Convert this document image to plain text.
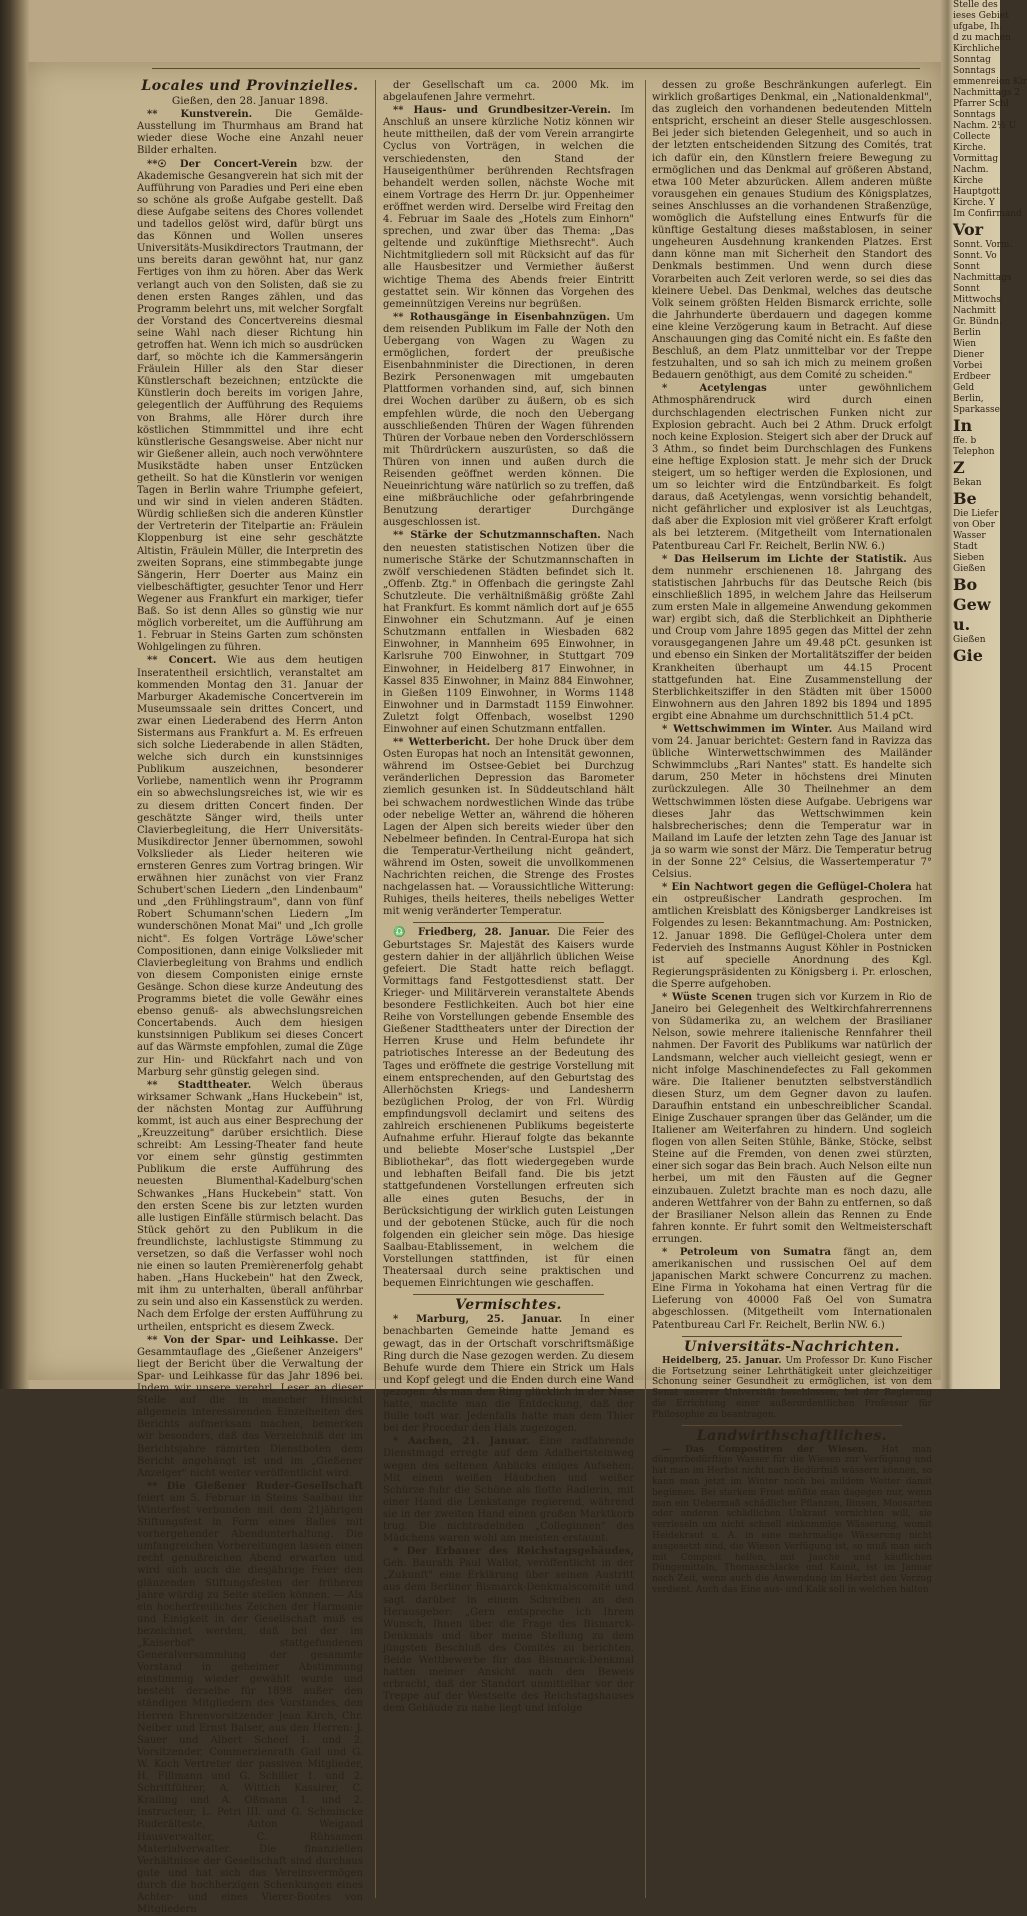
Locales und Provinzielles.
Gießen, den 28. Januar 1898.

** Kunstverein. Die Gemälde-Ausstellung im Thurmhaus am Brand hat wieder diese Woche eine Anzahl neuer Bilder erhalten.

**☉ Der Concert-Verein bzw. der Akademische Gesangverein hat sich mit der Aufführung von Paradies und Peri eine eben so schöne als große Aufgabe gestellt. Daß diese Aufgabe seitens des Chores vollendet und tadellos gelöst wird, dafür bürgt uns das Können und Wollen unseres Universitäts-Musikdirectors Trautmann, der uns bereits daran gewöhnt hat, nur ganz Fertiges von ihm zu hören. Aber das Werk verlangt auch von den Solisten, daß sie zu denen ersten Ranges zählen, und das Programm belehrt uns, mit welcher Sorgfalt der Vorstand des Concertvereins diesmal seine Wahl nach dieser Richtung hin getroffen hat. Wenn ich mich so ausdrücken darf, so möchte ich die Kammersängerin Fräulein Hiller als den Star dieser Künstlerschaft bezeichnen; entzückte die Künstlerin doch bereits im vorigen Jahre, gelegentlich der Aufführung des Requiems von Brahms, alle Hörer durch ihre köstlichen Stimmmittel und ihre echt künstlerische Gesangsweise. Aber nicht nur wir Gießener allein, auch noch verwöhntere Musikstädte haben unser Entzücken getheilt. So hat die Künstlerin vor wenigen Tagen in Berlin wahre Triumphe gefeiert, und wir sind in vielen anderen Städten. Würdig schließen sich die anderen Künstler der Vertreterin der Titelpartie an: Fräulein Kloppenburg ist eine sehr geschätzte Altistin, Fräulein Müller, die Interpretin des zweiten Soprans, eine stimmbegabte junge Sängerin, Herr Doerter aus Mainz ein vielbeschäftigter, gesuchter Tenor und Herr Wegener aus Frankfurt ein markiger, tiefer Baß. So ist denn Alles so günstig wie nur möglich vorbereitet, um die Aufführung am 1. Februar in Steins Garten zum schönsten Wohlgelingen zu führen.

** Concert. Wie aus dem heutigen Inseratentheil ersichtlich, veranstaltet am kommenden Montag den 31. Januar der Marburger Akademische Concertverein im Museumssaale sein drittes Concert, und zwar einen Liederabend des Herrn Anton Sistermans aus Frankfurt a. M. Es erfreuen sich solche Liederabende in allen Städten, welche sich durch ein kunstsinniges Publikum auszeichnen, besonderer Vorliebe, namentlich wenn ihr Programm ein so abwechslungsreiches ist, wie wir es zu diesem dritten Concert finden. Der geschätzte Sänger wird, theils unter Clavierbegleitung, die Herr Universitäts-Musikdirector Jenner übernommen, sowohl Volkslieder als Lieder heiteren wie ernsteren Genres zum Vortrag bringen. Wir erwähnen hier zunächst von vier Franz Schubert'schen Liedern „den Lindenbaum" und „den Frühlingstraum", dann von fünf Robert Schumann'schen Liedern „Im wunderschönen Monat Mai" und „Ich grolle nicht". Es folgen Vorträge Löwe'scher Compositionen, dann einige Volkslieder mit Clavierbegleitung von Brahms und endlich von diesem Componisten einige ernste Gesänge. Schon diese kurze Andeutung des Programms bietet die volle Gewähr eines ebenso genuß- als abwechslungsreichen Concertabends. Auch dem hiesigen kunstsinnigen Publikum sei dieses Concert auf das Wärmste empfohlen, zumal die Züge zur Hin- und Rückfahrt nach und von Marburg sehr günstig gelegen sind.

** Stadttheater. Welch überaus wirksamer Schwank „Hans Huckebein" ist, der nächsten Montag zur Aufführung kommt, ist auch aus einer Besprechung der „Kreuzzeitung" darüber ersichtlich. Diese schreibt: Am Lessing-Theater fand heute vor einem sehr günstig gestimmten Publikum die erste Aufführung des neuesten Blumenthal-Kadelburg'schen Schwankes „Hans Huckebein" statt. Von den ersten Scene bis zur letzten wurden alle lustigen Einfälle stürmisch belacht. Das Stück gehört zu den Publikum in die freundlichste, lachlustigste Stimmung zu versetzen, so daß die Verfasser wohl noch nie einen so lauten Premièrenerfolg gehabt haben. „Hans Huckebein" hat den Zweck, mit ihm zu unterhalten, überall anführbar zu sein und also ein Kassenstück zu werden. Nach dem Erfolge der ersten Aufführung zu urtheilen, entspricht es diesem Zweck.

** Von der Spar- und Leihkasse. Der Gesammtauflage des „Gießener Anzeigers" liegt der Bericht über die Verwaltung der Spar- und Leihkasse für das Jahr 1896 bei. Indem wir unsere verehrl. Leser an dieser Stelle auf die in mancher Hinsicht allgemein interessirenden Einzelheiten des Berichts aufmerksam machen, bemerken wir besonders, daß das Verzeichniß der im Berichtsjahre rämirten Dienstboten dem Bericht angehängt ist und im „Gießener Anzeiger" nicht weiter veröffentlicht wird.

** Die Gießener Ruder-Gesellschaft feiert am 5. Februar in Steins Saalbau ihr Winterfest verbunden mit dem 21jährigen Stiftungsfest in Form eines Balles mit vorhergehender Abendunterhaltung. Die umfangreichen Vorbereitungen lassen einen recht genußreichen Abend erwarten und wird sich auch die diesjährige Feier den glänzenden Stiftungsfesten der früheren Jahre würdig zu Seite stellen können. — Als ein hocherfreuliches Zeichen der Harmonie und Einigkeit in der Gesellschaft muß es bezeichnet werden, daß bei der im „Kaiserhof" stattgefundenen Generalversammlung der gesammte Vorstand in geheimer Abstimmung einstimmig wieder gewählt wurde und besteht derselbe für 1898 außer den ständigen Mitgliedern des Vorstandes, den Herren Ehrenvorsitzender Jean Kirch, Chr. Neiber und Ernst Balser, aus den Herren: J. Sauer und Albert Scheel 1. und 2. Vorsitzender, Commerzienrath Gail und G. W. Koch Vertreter der passiven Mitglieder, H. Fillmann und G. Schiller 1. und 2. Schriftführer, A. Wittich Kassirer, C. Krailing und A. Oßmann 1. und 2. Instructeur, L. Petri III. und G. Schmincke Ruderälteste, Anton Weigand Hausverwalter, C. Rühsamen Materialverwalter. Die finanziellen Verhältnisse der Gesellschaft sind durchaus gute und hat sich das Vereinsvermögen durch die hochherzigen Schenkungen eines Achter- und eines Vierer-Bootes von Mitgliedern

der Gesellschaft um ca. 2000 Mk. im abgelaufenen Jahre vermehrt.

** Haus- und Grundbesitzer-Verein. Im Anschluß an unsere kürzliche Notiz können wir heute mittheilen, daß der vom Verein arrangirte Cyclus von Vorträgen, in welchen die verschiedensten, den Stand der Hauseigenthümer berührenden Rechtsfragen behandelt werden sollen, nächste Woche mit einem Vortrage des Herrn Dr. jur. Oppenheimer eröffnet werden wird. Derselbe wird Freitag den 4. Februar im Saale des „Hotels zum Einhorn" sprechen, und zwar über das Thema: „Das geltende und zukünftige Miethsrecht". Auch Nichtmitgliedern soll mit Rücksicht auf das für alle Hausbesitzer und Vermiether äußerst wichtige Thema des Abends freier Eintritt gestattet sein. Wir können das Vorgehen des gemeinnützigen Vereins nur begrüßen.

** Rothausgänge in Eisenbahnzügen. Um dem reisenden Publikum im Falle der Noth den Uebergang von Wagen zu Wagen zu ermöglichen, fordert der preußische Eisenbahnminister die Directionen, in deren Bezirk Personenwagen mit umgebauten Plattformen vorhanden sind, auf, sich binnen drei Wochen darüber zu äußern, ob es sich empfehlen würde, die noch den Uebergang ausschließenden Thüren der Wagen führenden Thüren der Vorbaue neben den Vorderschlössern mit Thürdrückern auszurüsten, so daß die Thüren von innen und außen durch die Reisenden geöffnet werden können. Die Neueinrichtung wäre natürlich so zu treffen, daß eine mißbräuchliche oder gefahrbringende Benutzung derartiger Durchgänge ausgeschlossen ist.

** Stärke der Schutzmannschaften. Nach den neuesten statistischen Notizen über die numerische Stärke der Schutzmannschaften in zwölf verschiedenen Städten befindet sich lt. „Offenb. Ztg." in Offenbach die geringste Zahl Schutzleute. Die verhältnißmäßig größte Zahl hat Frankfurt. Es kommt nämlich dort auf je 655 Einwohner ein Schutzmann. Auf je einen Schutzmann entfallen in Wiesbaden 682 Einwohner, in Mannheim 695 Einwohner, in Karlsruhe 700 Einwohner, in Stuttgart 709 Einwohner, in Heidelberg 817 Einwohner, in Kassel 835 Einwohner, in Mainz 884 Einwohner, in Gießen 1109 Einwohner, in Worms 1148 Einwohner und in Darmstadt 1159 Einwohner. Zuletzt folgt Offenbach, woselbst 1290 Einwohner auf einen Schutzmann entfallen.

** Wetterbericht. Der hohe Druck über dem Osten Europas hat noch an Intensität gewonnen, während im Ostsee-Gebiet bei Durchzug veränderlichen Depression das Barometer ziemlich gesunken ist. In Süddeutschland hält bei schwachem nordwestlichen Winde das trübe oder nebelige Wetter an, während die höheren Lagen der Alpen sich bereits wieder über den Nebelmeer befinden. In Central-Europa hat sich die Temperatur-Vertheilung nicht geändert, während im Osten, soweit die unvollkommenen Nachrichten reichen, die Strenge des Frostes nachgelassen hat. — Voraussichtliche Witterung: Ruhiges, theils heiteres, theils nebeliges Wetter mit wenig veränderter Temperatur.

♎ Friedberg, 28. Januar. Die Feier des Geburtstages Sr. Majestät des Kaisers wurde gestern dahier in der alljährlich üblichen Weise gefeiert. Die Stadt hatte reich beflaggt. Vormittags fand Festgottesdienst statt. Der Krieger- und Militärverein veranstaltete Abends besondere Festlichkeiten. Auch bot hier eine Reihe von Vorstellungen gebende Ensemble des Gießener Stadttheaters unter der Direction der Herren Kruse und Helm befundete ihr patriotisches Interesse an der Bedeutung des Tages und eröffnete die gestrige Vorstellung mit einem entsprechenden, auf den Geburtstag des Allerhöchsten Kriegs- und Landesherrn bezüglichen Prolog, der von Frl. Würdig empfindungsvoll declamirt und seitens des zahlreich erschienenen Publikums begeisterte Aufnahme erfuhr. Hierauf folgte das bekannte und beliebte Moser'sche Lustspiel „Der Bibliothekar", das flott wiedergegeben wurde und lebhaften Beifall fand. Die bis jetzt stattgefundenen Vorstellungen erfreuten sich alle eines guten Besuchs, der in Berücksichtigung der wirklich guten Leistungen und der gebotenen Stücke, auch für die noch folgenden ein gleicher sein möge. Das hiesige Saalbau-Etablissement, in welchem die Vorstellungen stattfinden, ist für einen Theatersaal durch seine praktischen und bequemen Einrichtungen wie geschaffen.

Vermischtes.

* Marburg, 25. Januar. In einer benachbarten Gemeinde hatte Jemand es gewagt, das in der Ortschaft vorschriftsmäßige Ring durch die Nase gezogen werden. Zu diesem Behufe wurde dem Thiere ein Strick um Hals und Kopf gelegt und die Enden durch eine Wand gezogen. Als man den Ring glücklich in der Nase hatte, machte man die Entdeckung, daß der Bulle todt war. Jedenfalls hatte man dem Thier bei der Procedur den Hals zugezogen.

* Aachen, 21. Januar. Eine radfahrende Dienstmagd erregte auf dem Adalbertsteinweg wegen des seltenen Anblicks einiges Aufsehen. Mit einem weißen Häubchen und weißer Schürze fuhr die Schöne als flotte Radlerin, mit einer Hand die Lenkstange regierend, während sie in der zweiten Hand einen großen Marktkorb trug. Die nichtradelnden „Colleginnen" des Mädchens waren wohl am meisten erstaunt.

* Der Erbauer des Reichstagsgebäudes, Geh. Baurath Paul Wallot, veröffentlicht in der „Zukunft" eine Erklärung über seinen Austritt aus dem Berliner Bismarck-Denkmalscomité und sagt darüber in einem Schreiben an den Herausgeber: „Gern entspreche ich Ihrem Wunsch, Ihnen über die Frage des Bismarck-Denkmals und über meine Stellung zu dem jüngsten Beschluß des Comités zu berichten. Beide Wettbewerbe für das Bismarck-Denkmal hatten meiner Ansicht nach den Beweis erbracht, daß der Standort unmittelbar vor der Treppe auf der Westseite des Reichstagshauses dem Gebäude zu nahe liegt und infolge

dessen zu große Beschränkungen auferlegt. Ein wirklich großartiges Denkmal, ein „Nationaldenkmal", das zugleich den vorhandenen bedeutenden Mitteln entspricht, erscheint an dieser Stelle ausgeschlossen. Bei jeder sich bietenden Gelegenheit, und so auch in der letzten entscheidenden Sitzung des Comités, trat ich dafür ein, den Künstlern freiere Bewegung zu ermöglichen und das Denkmal auf größeren Abstand, etwa 100 Meter abzurücken. Allem anderen müßte vorausgehen ein genaues Studium des Königsplatzes, seines Anschlusses an die vorhandenen Straßenzüge, womöglich die Aufstellung eines Entwurfs für die künftige Gestaltung dieses maßstablosen, in seiner ungeheuren Ausdehnung krankenden Platzes. Erst dann könne man mit Sicherheit den Standort des Denkmals bestimmen. Und wenn durch diese Vorarbeiten auch Zeit verloren werde, so sei dies das kleinere Uebel. Das Denkmal, welches das deutsche Volk seinem größten Helden Bismarck errichte, solle die Jahrhunderte überdauern und dagegen komme eine kleine Verzögerung kaum in Betracht. Auf diese Anschauungen ging das Comité nicht ein. Es faßte den Beschluß, an dem Platz unmittelbar vor der Treppe festzuhalten, und so sah ich mich zu meinem großen Bedauern genöthigt, aus dem Comité zu scheiden."

* Acetylengas	unter gewöhnlichem Athmosphärendruck wird durch einen durchschlagenden electrischen Funken nicht zur Explosion gebracht. Auch bei 2 Athm. Druck erfolgt noch keine Explosion. Steigert sich aber der Druck auf 3 Athm., so findet beim Durchschlagen des Funkens eine heftige Explosion statt. Je mehr sich der Druck steigert, um so heftiger werden die Explosionen, und um so leichter wird die Entzündbarkeit. Es folgt daraus, daß Acetylengas, wenn vorsichtig behandelt, nicht gefährlicher und explosiver ist als Leuchtgas, daß aber die Explosion mit viel größerer Kraft erfolgt als bei letzterem. (Mitgetheilt vom Internationalen Patentbureau Carl Fr. Reichelt, Berlin NW. 6.)

* Das Heilserum im Lichte der Statistik. Aus dem nunmehr erschienenen 18. Jahrgang des statistischen Jahrbuchs für das Deutsche Reich (bis einschließlich 1895, in welchem Jahre das Heilserum zum ersten Male in allgemeine Anwendung gekommen war) ergibt sich, daß die Sterblichkeit an Diphtherie und Croup vom Jahre 1895 gegen das Mittel der zehn vorausgegangenen Jahre um 49.48 pCt. gesunken ist und ebenso ein Sinken der Mortalitätsziffer der beiden Krankheiten überhaupt um 44.15 Procent stattgefunden hat. Eine Zusammenstellung der Sterblichkeitsziffer in den Städten mit über 15000 Einwohnern aus den Jahren 1892 bis 1894 und 1895 ergibt eine Abnahme um durchschnittlich 51.4 pCt.

* Wettschwimmen im Winter. Aus Mailand wird vom 24. Januar berichtet: Gestern fand in Ravizza das übliche Winterwettschwimmen des Mailänder Schwimmclubs „Rari Nantes" statt. Es handelte sich darum, 250 Meter in höchstens drei Minuten zurückzulegen. Alle 30 Theilnehmer an dem Wettschwimmen lösten diese Aufgabe. Uebrigens war dieses Jahr das Wettschwimmen kein halsbrecherisches; denn die Temperatur war in Mailand im Laufe der letzten zehn Tage des Januar ist ja so warm wie sonst der März. Die Temperatur betrug in der Sonne 22° Celsius, die Wassertemperatur 7° Celsius.

* Ein Nachtwort gegen die Geflügel-Cholera hat ein ostpreußischer Landrath gesprochen. Im amtlichen Kreisblatt des Königsberger Landkreises ist Folgendes zu lesen: Bekanntmachung. Am: Postnicken, 12. Januar 1898. Die Geflügel-Cholera unter dem Federvieh des Instmanns August Köhler in Postnicken ist auf specielle Anordnung des Kgl. Regierungspräsidenten zu Königsberg i. Pr. erloschen, die Sperre aufgehoben.

* Wüste Scenen trugen sich vor Kurzem in Rio de Janeiro bei Gelegenheit des Weltkirchfahrerrennens von Südamerika zu, an welchem der Brasilianer Nelson, sowie mehrere italienische Rennfahrer theil nahmen. Der Favorit des Publikums war natürlich der Landsmann, welcher auch vielleicht gesiegt, wenn er nicht infolge Maschinendefectes zu Fall gekommen wäre. Die Italiener benutzten selbstverständlich diesen Sturz, um dem Gegner davon zu laufen. Daraufhin entstand ein unbeschreiblicher Scandal. Einige Zuschauer sprangen über das Geländer, um die Italiener am Weiterfahren zu hindern. Und sogleich flogen von allen Seiten Stühle, Bänke, Stöcke, selbst Steine auf die Fremden, von denen zwei stürzten, einer sich sogar das Bein brach. Auch Nelson eilte nun herbei, um mit den Fäusten auf die Gegner einzubauen. Zuletzt brachte man es noch dazu, alle anderen Wettfahrer von der Bahn zu entfernen, so daß der Brasilianer Nelson allein das Rennen zu Ende fahren konnte. Er fuhrt somit den Weltmeisterschaft errungen.

* Petroleum von Sumatra fängt an, dem amerikanischen und russischen Oel auf dem japanischen Markt schwere Concurrenz zu machen. Eine Firma in Yokohama hat einen Vertrag für die Lieferung von 40000 Faß Oel von Sumatra abgeschlossen. (Mitgetheilt vom Internationalen Patentbureau Carl Fr. Reichelt, Berlin NW. 6.)

Universitäts-Nachrichten.

Heidelberg, 25. Januar. Um Professor Dr. Kuno Fischer die Fortsetzung seiner Lehrthätigkeit unter gleichzeitiger Schonung seiner Gesundheit zu ermöglichen, ist von dem Senat unserer Universität beschlossen, bei der Regierung die Errichtung einer außerordentlichen Professur für Philosophie zu beantragen.

Landwirthschaftliches.

— Das Compostiren der Wiesen. Hat man düngerbedürftige Wasser für die Wiesen zur Verfügung und hat man im Herbst nicht nach Bedürfniß wässern können, so kann man jetzt im Winter noch bei mildem Wetter damit beginnen. Bei starkem Frost müßte man dagegen nur, wenn man ein Uebermaß schädlicher Pflanzen, Binsen, Moosarten oder anderen schädlichen Unkraut vernichten will, sie verrieseln um nicht schnell einkommige Wässerung, womit Heidekraut u. A. in eine mehrmalige Wässerung nicht ausgesetzt sind, die Wiesen Verfügung ist, so muß man sich mit Compost helfen, mit Jauche und käuflichen Düngemitteln, Thomasschlacke und Kainit, ist im Januar noch Zeit, wenn auch die Anwendung im Herbst den Vorzug verdient. Auch das Eine aus- und Kalk soll in welchen halten

Stelle des
ieses Gebiet
ufgabe, Ih.
d zu machen
Kirchliche
Sonntag
Sonntags
emmenreien Kir
Nachmittags 2
Pfarrer Schl
Sonntags
Nachm. 2½ U
Collecte
Kirche.
Vormittag
Nachm.
Kirche
Hauptgott
Kirche. Y
Im Confirmand
Vor
Sonnt. Vorm.
Sonnt. Vo
Sonnt
Nachmittags
Sonnt
Mittwochs
Nachmitt
Gr. Bündn.
Berlin
Wien
Diener
Vorbei
Erdbeer
Geld
Berlin,
Sparkasse
In
ffe. b
Telephon
Z
Bekan
Be
Die Liefer
von Ober
Wasser
Stadt
Sieben
Gießen
Bo
Gew
u.
Gießen
Gie
